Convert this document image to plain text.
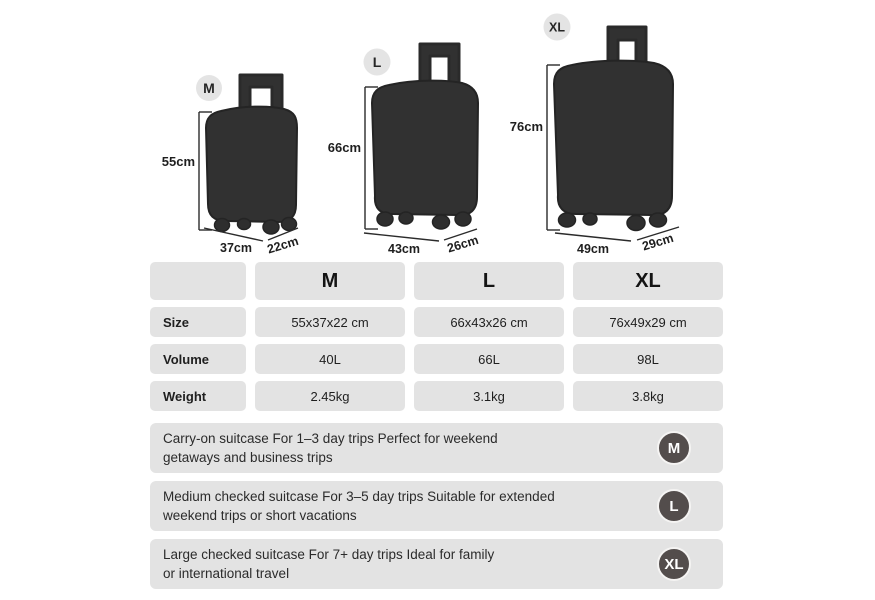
M
55cm
37cm 22cm
L
66cm
43cm 26cm
XL
76cm
49cm	29cm
M	L	XL
Size	55x37x22 cm	66x43x26 cm	76x49x29 cm
Volume	40L	66L	98L
Weight	2.45kg	3.1kg	3.8kg
Carry-on suitcase For 1–3 day trips Perfect for weekend getaways and business trips
M
Medium checked suitcase For 3–5 day trips Suitable for extended weekend trips or short vacations
L
Large checked suitcase For 7+ day trips Ideal for family or international travel
XL
